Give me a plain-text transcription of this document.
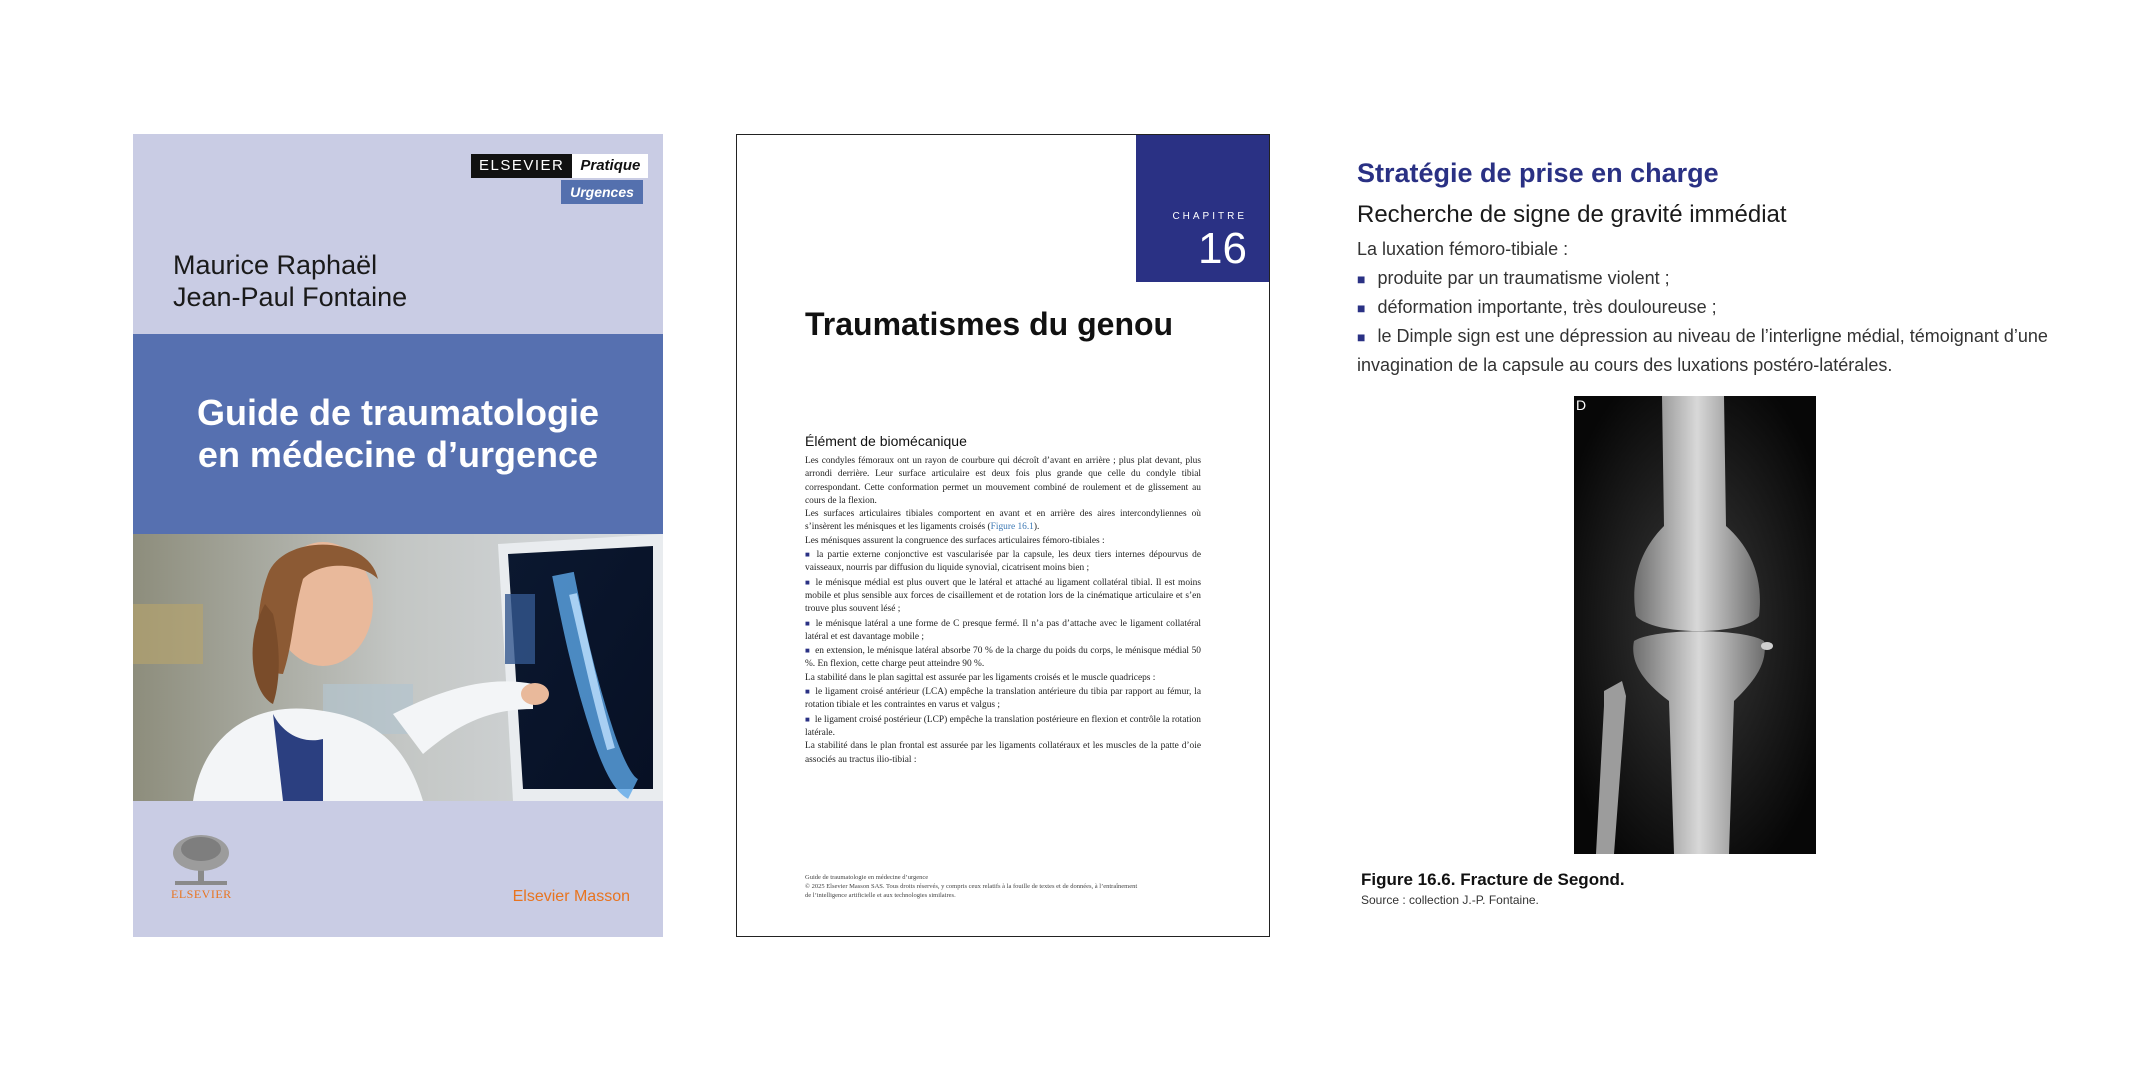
ELSEVIER	Pratique
Urgences
Maurice Raphaël
Jean-Paul Fontaine
Guide de traumatologie
en médecine d’urgence
ELSEVIER	Elsevier Masson
CHAPITRE
16
Traumatismes du genou
Élément de biomécanique

Les condyles fémoraux ont un rayon de courbure qui décroît d’avant en arrière ; plus plat devant, plus arrondi derrière. Leur surface articulaire est deux fois plus grande que celle du condyle tibial correspondant. Cette conformation permet un mouvement combiné de roulement et de glissement au cours de la flexion.

Les surfaces articulaires tibiales comportent en avant et en arrière des aires intercondyliennes où s’insèrent les ménisques et les ligaments croisés (Figure 16.1).

Les ménisques assurent la congruence des surfaces articulaires fémoro-tibiales :

■ la partie externe conjonctive est vascularisée par la capsule, les deux tiers internes dépourvus de vaisseaux, nourris par diffusion du liquide synovial, cicatrisent moins bien ;

■ le ménisque médial est plus ouvert que le latéral et attaché au ligament collatéral tibial. Il est moins mobile et plus sensible aux forces de cisaillement et de rotation lors de la cinématique articulaire et s’en trouve plus souvent lésé ;

■ le ménisque latéral a une forme de C presque fermé. Il n’a pas d’attache avec le ligament collatéral latéral et est davantage mobile ;

■ en extension, le ménisque latéral absorbe 70 % de la charge du poids du corps, le ménisque médial 50 %. En flexion, cette charge peut atteindre 90 %.

La stabilité dans le plan sagittal est assurée par les ligaments croisés et le muscle quadriceps :

■ le ligament croisé antérieur (LCA) empêche la translation antérieure du tibia par rapport au fémur, la rotation tibiale et les contraintes en varus et valgus ;

■ le ligament croisé postérieur (LCP) empêche la translation postérieure en flexion et contrôle la rotation latérale.

La stabilité dans le plan frontal est assurée par les ligaments collatéraux et les muscles de la patte d’oie associés au tractus ilio-tibial :

Guide de traumatologie en médecine d’urgence
© 2025 Elsevier Masson SAS. Tous droits réservés, y compris ceux relatifs à la fouille de textes et de données, à l’entraînement
de l’intelligence artificielle et aux technologies similaires.
Stratégie de prise en charge
Recherche de signe de gravité immédiat
La luxation fémoro-tibiale :
■ produite par un traumatisme violent ;
■ déformation importante, très douloureuse ;
■ le Dimple sign est une dépression au niveau de l’interligne médial, témoignant d’une invagination de la capsule au cours des luxations postéro-latérales.
D
Figure 16.6. Fracture de Segond.
Source : collection J.-P. Fontaine.
